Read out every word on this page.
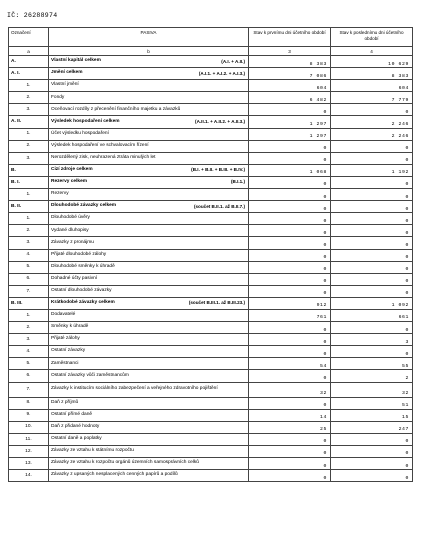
IČ: 26288974
Označení	PASIVA	Stav k prvnímu dni účetního období	Stav k poslednímu dni účetního období
a	b	3	4
A.	Vlastní kapitál celkem (A.I. + A.II.)	8 383	10 629
A. I.	Jmění celkem (A.I.1. + A.I.2. + A.I.3.)	7 086	8 383
1.	Vlastní jmění	604	604
2.	Fondy	6 482	7 779
3.	Oceňovací rozdíly z přecenění finančního majetku a závazků	0	0
A. II.	Výsledek hospodaření celkem (A.II.1. + A.II.2. + A.II.3.)	1 297	2 246
1.	Účet výsledku hospodaření	1 297	2 246
2.	Výsledek hospodaření ve schvalovacím řízení	0	0
3.	Nerozdělený zisk, neuhrazená ztráta minulých let	0	0
B.	Cizí zdroje celkem (B.I. + B.II. + B.III. + B.IV.)	1 068	1 192
B. I.	Rezervy celkem (B.I.1.)	0	0
1.	Rezervy	0	0
B. II.	Dlouhodobé závazky celkem (součet B.II.1. až B.II.7.)	0	0
1.	Dlouhodobé úvěry	0	0
2.	Vydané dluhopisy	0	0
3.	Závazky z pronájmu	0	0
4.	Přijaté dlouhodobé zálohy	0	0
5.	Dlouhodobé směnky k úhradě	0	0
6.	Dohadné účty pasivní	0	0
7.	Ostatní dlouhodobé závazky	0	0
B. III.	Krátkodobé závazky celkem (součet B.III.1. až B.III.23.)	912	1 092
1.	Dodavatelé	761	661
2.	Směnky k úhradě	0	0
3.	Přijaté zálohy	0	3
4.	Ostatní závazky	0	0
5.	Zaměstnanci	54	55
6.	Ostatní závazky vůči zaměstnancům	0	2
7.	Závazky k institucím sociálního zabezpečení a veřejného zdravotního pojištění	32	32
8.	Daň z příjmů	0	51
9.	Ostatní přímé daně	14	15
10.	Daň z přidané hodnoty	25	247
11.	Ostatní daně a poplatky	0	0
12.	Závazky ze vztahu k státnímu rozpočtu	0	0
13.	Závazky ze vztahu k rozpočtu orgánů územních samosprávních celků	0	0
14.	Závazky z upsaných nesplacených cenných papírů a podílů	0	0
